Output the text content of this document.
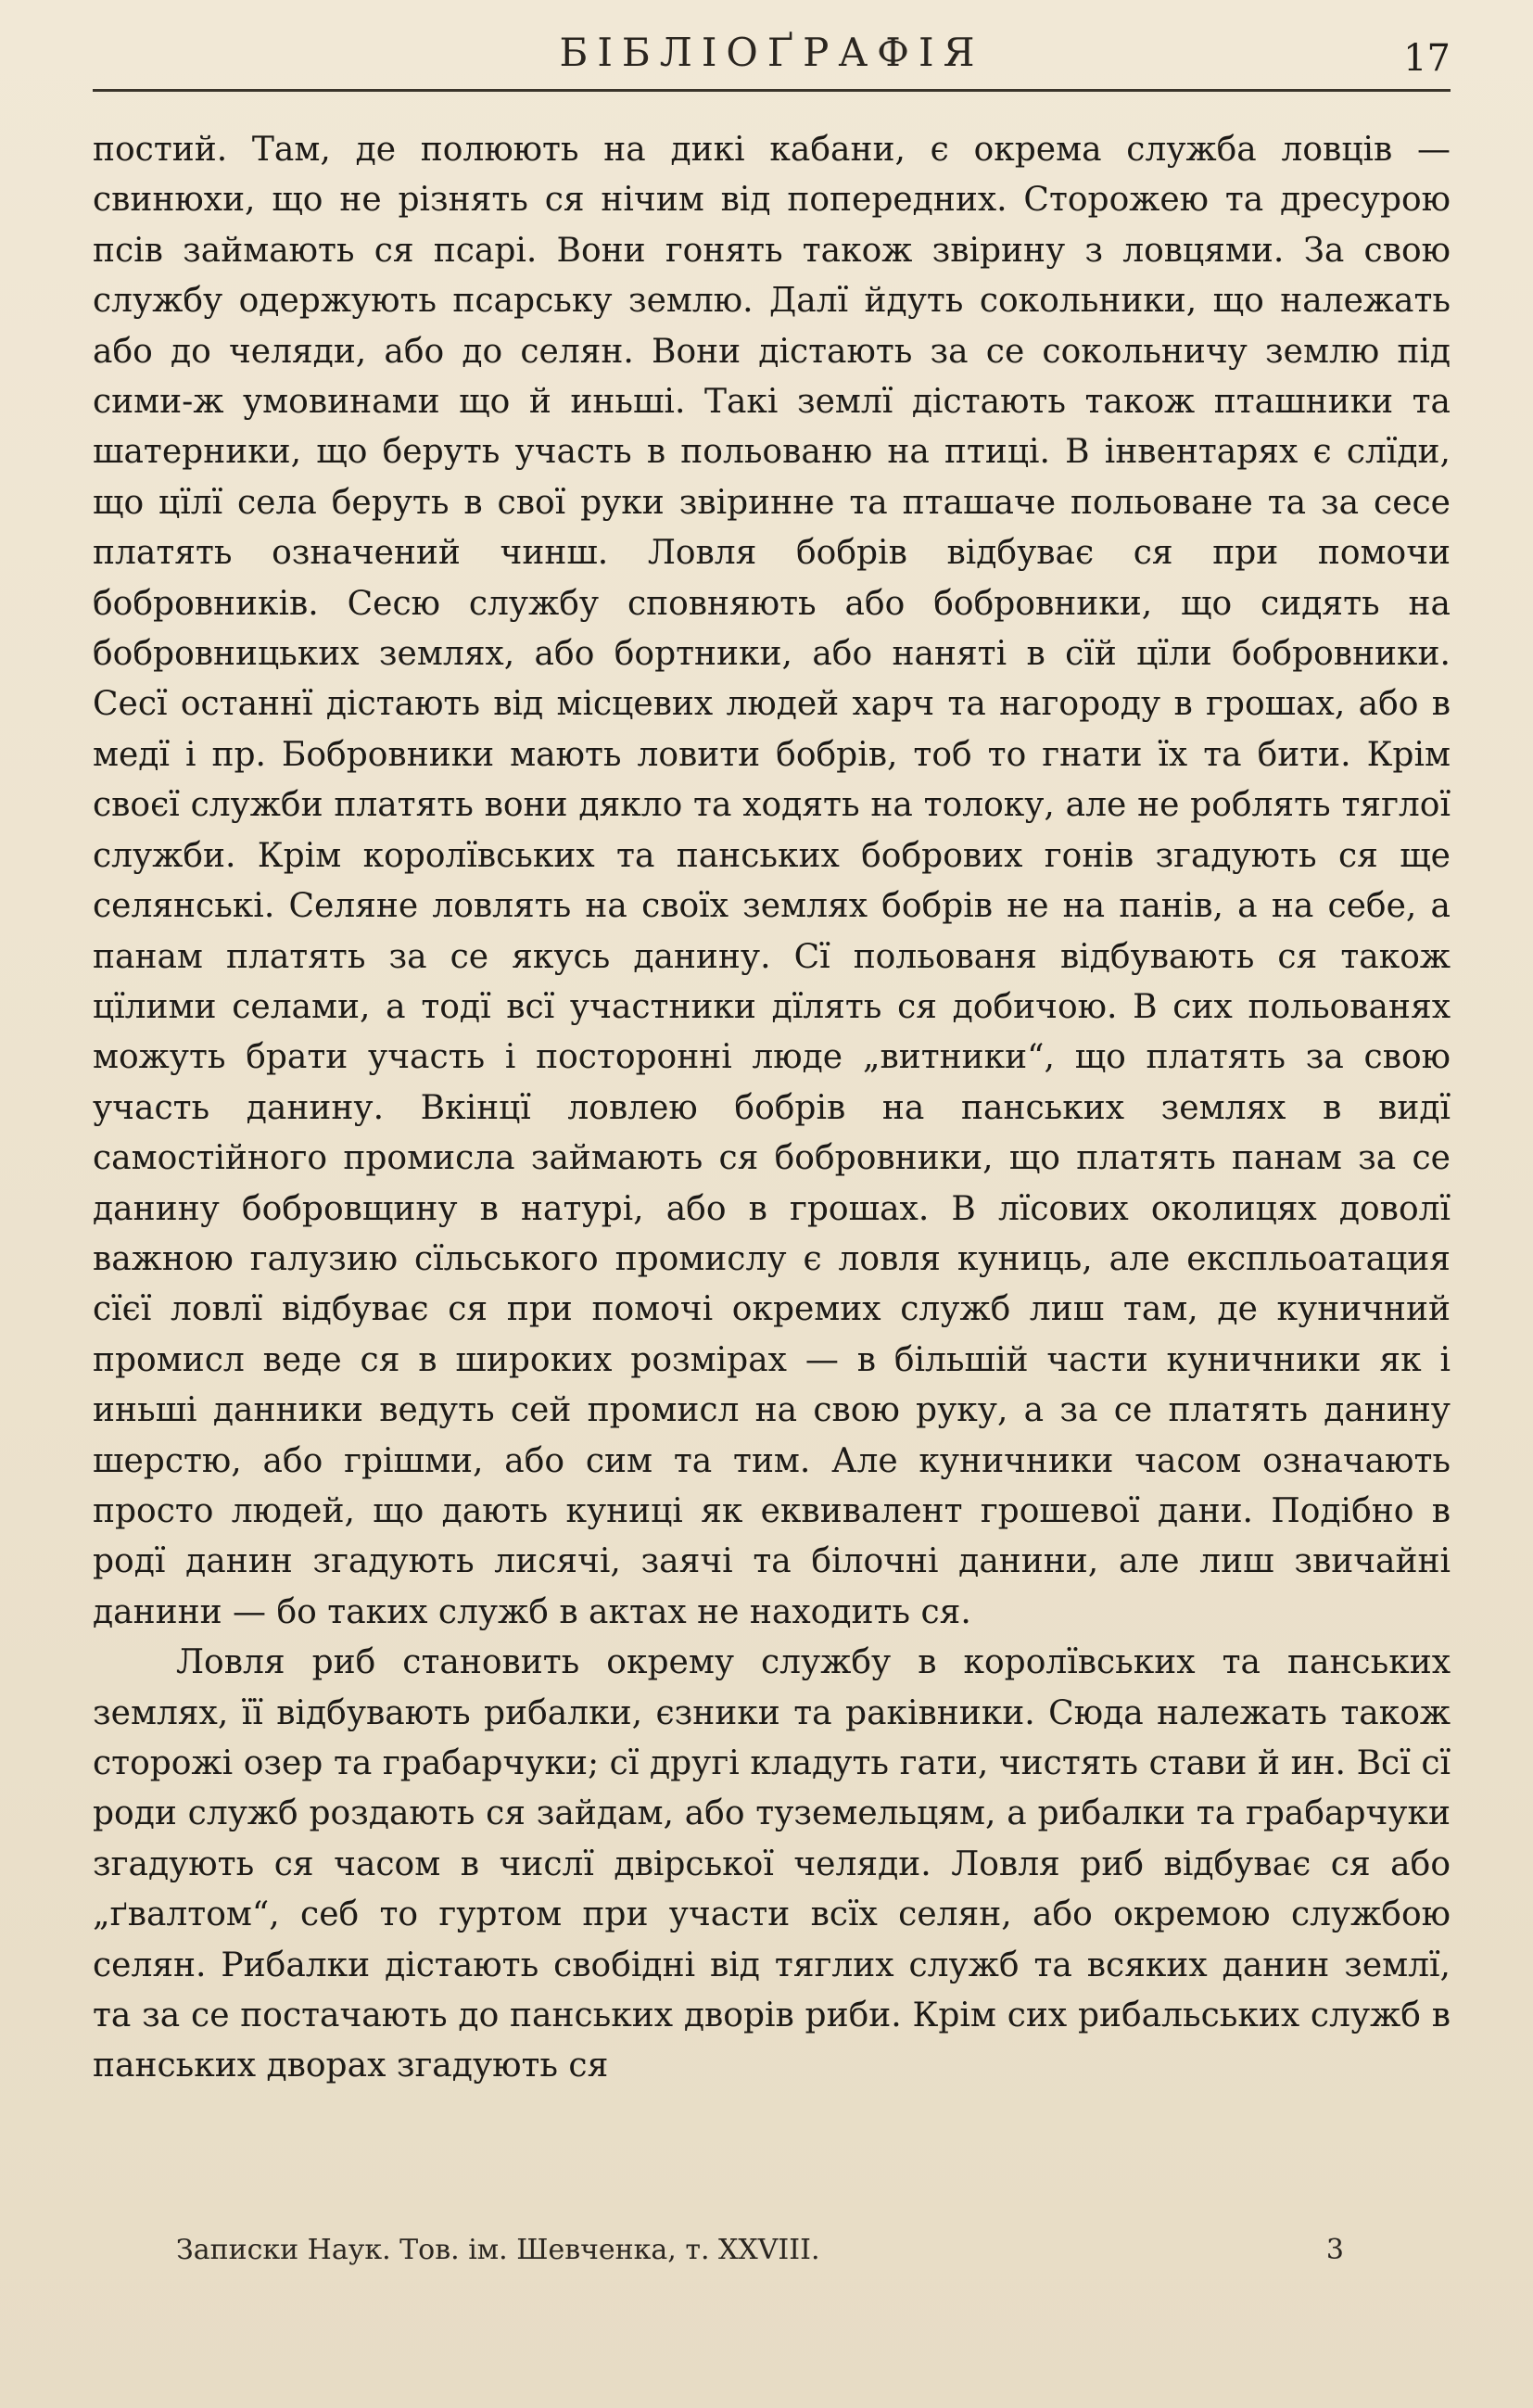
БІБЛІОҐРАФІЯ	17

постий. Там, де полюють на дикі кабани, є окрема служба ловців — свинюхи, що не різнять ся нічим від попередних. Сторожею та дресурою псів займають ся псарі. Вони гонять також звірину з ловцями. За свою службу одержують псарську землю. Далї йдуть сокольники, що належать або до челяди, або до селян. Вони дістають за се сокольничу землю під сими-ж умовинами що й иньші. Такі землї дістають також пташники та шатерники, що беруть участь в польованю на птиці. В інвентарях є слїди, що цїлї села беруть в свої руки звіринне та пташаче польоване та за сесе платять означений чинш. Ловля бобрів відбуває ся при помочи бобровників. Сесю службу сповняють або бобровники, що сидять на бобровницьких землях, або бортники, або наняті в сїй цїли бобровники. Сесї останнї дістають від місцевих людей харч та нагороду в грошах, або в медї і пр. Бобровники мають ловити бобрів, тоб то гнати їх та бити. Крім своєї служби платять вони дякло та ходять на толоку, але не роблять тяглої служби. Крім королївських та панських бобрових гонів згадують ся ще селянські. Селяне ловлять на своїх землях бобрів не на панів, а на себе, а панам платять за се якусь данину. Сї польованя відбувають ся також цїлими селами, а тодї всї участники дїлять ся добичою. В сих польованях можуть брати участь і посторонні люде „витники“, що платять за свою участь данину. Вкінцї ловлею бобрів на панських землях в видї самостійного промисла займають ся бобровники, що платять панам за се данину бобровщину в натурі, або в грошах. В лїсових околицях доволї важною галузию сїльського промислу є ловля куниць, але експльоатация сїєї ловлї відбуває ся при помочі окремих служб лиш там, де куничний промисл веде ся в широких розмірах — в більшій части куничники як і иньші данники ведуть сей промисл на свою руку, а за се платять данину шерстю, або грішми, або сим та тим. Але куничники часом означають просто людей, що дають куниці як еквивалент грошевої дани. Подібно в родї данин згадують лисячі, заячі та білочні данини, але лиш звичайні данини — бо таких служб в актах не находить ся.

Ловля риб становить окрему службу в королївських та панських землях, її відбувають рибалки, єзники та раківники. Сюда належать також сторожі озер та грабарчуки; сї другі кладуть гати, чистять стави й ин. Всї сї роди служб роздають ся зайдам, або туземельцям, а рибалки та грабарчуки згадують ся часом в числї двірської челяди. Ловля риб відбуває ся або „ґвалтом“, себ то гуртом при участи всїх селян, або окремою службою селян. Рибалки дістають свобідні від тяглих служб та всяких данин землї, та за се постачають до панських дворів риби. Крім сих рибальських служб в панських дворах згадують ся

Записки Наук. Тов. ім. Шевченка, т. XXVIII.	3
